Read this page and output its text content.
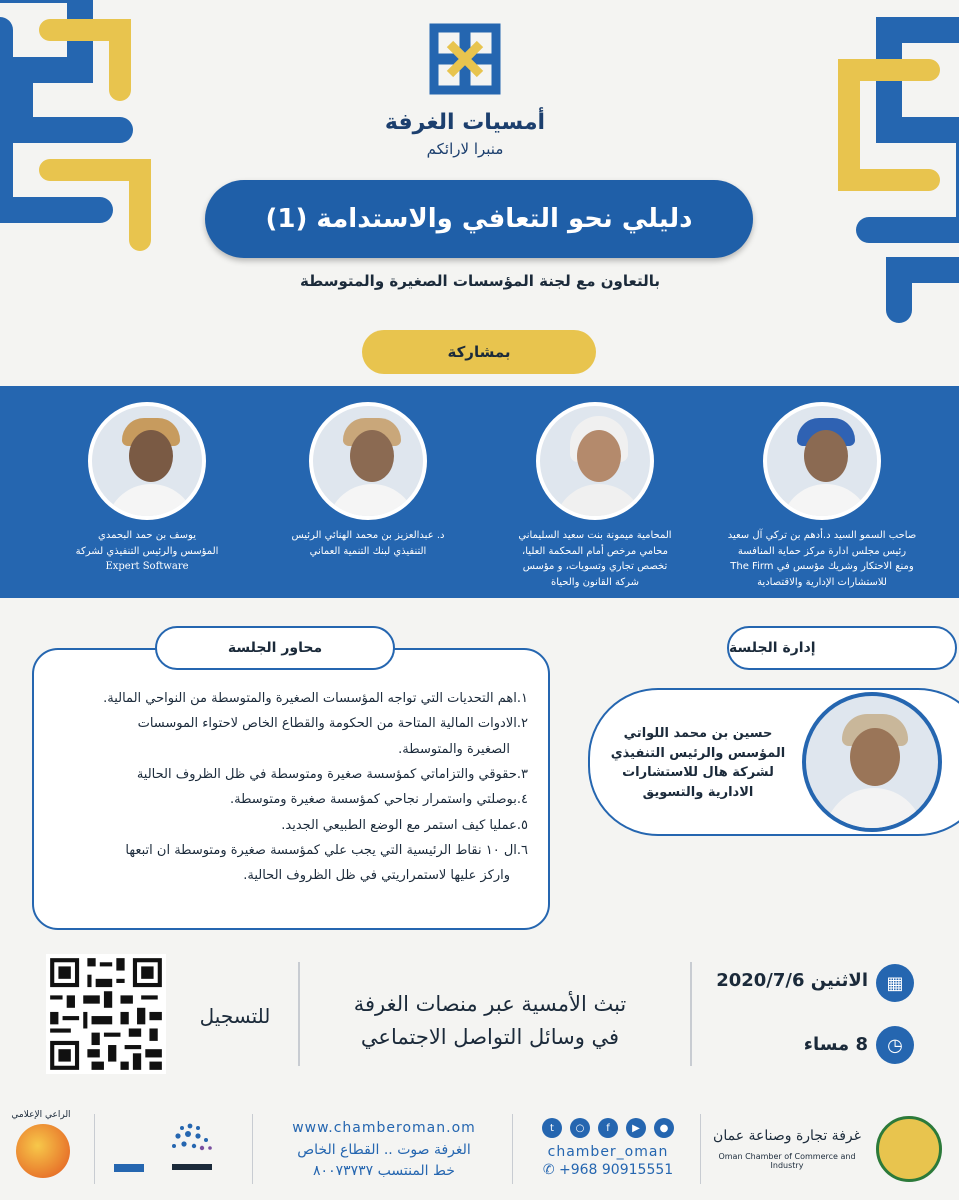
أمسيات الغرفة
منبرا لارائكم
دليلي نحو التعافي والاستدامة (1)
بالتعاون مع لجنة المؤسسات الصغيرة والمتوسطة
بمشاركة
صاحب السمو السيد د.أدهم بن تركي آل سعيد
رئيس مجلس ادارة مركز حماية المنافسة
ومنع الاحتكار وشريك مؤسس في The Firm
للاستشارات الإدارية والاقتصادية
المحامية ميمونة بنت سعيد السليماني
محامي مرخص أمام المحكمة العليا،
تخصص تجاري وتسويات، و مؤسس
شركة القانون والحياة
د. عبدالعزيز بن محمد الهنائي الرئيس
التنفيذي لبنك التنمية العماني
يوسف بن حمد البحمدي
المؤسس والرئيس التنفيذي لشركة
Expert Software
إدارة الجلسة
حسين بن محمد اللواتي
المؤسس والرئيس التنفيذي
لشركة هال للاستشارات
الادارية والتسويق
١.اهم التحديات التي تواجه المؤسسات الصغيرة والمتوسطة من النواحي المالية.
٢.الادوات المالية المتاحة من الحكومة والقطاع الخاص لاحتواء الموسسات
الصغيرة والمتوسطة.
٣.حقوقي والتزاماتي كمؤسسة صغيرة ومتوسطة في ظل الظروف الحالية
٤.بوصلتي واستمرار نجاحي كمؤسسة صغيرة ومتوسطة.
٥.عمليا كيف استمر مع الوضع الطبيعي الجديد.
٦.ال ١٠ نقاط الرئيسية التي يجب علي كمؤسسة صغيرة ومتوسطة ان اتبعها
واركز عليها لاستمراريتي في ظل الظروف الحالية.
محاور الجلسة
▦
الاثنين 2020/7/6
◷
8 مساء
تبث الأمسية عبر منصات الغرفة
في وسائل التواصل الاجتماعي
للتسجيل
الراعي الإعلامي
www.chamberoman.om
الغرفة صوت .. القطاع الخاص
خط المنتسب ٨٠٠٧٣٧٣٧
t	○	f	▶	●
chamber_oman
✆ +968 90915551
غرفة تجارة وصناعة عمان
Oman Chamber of Commerce and Industry
